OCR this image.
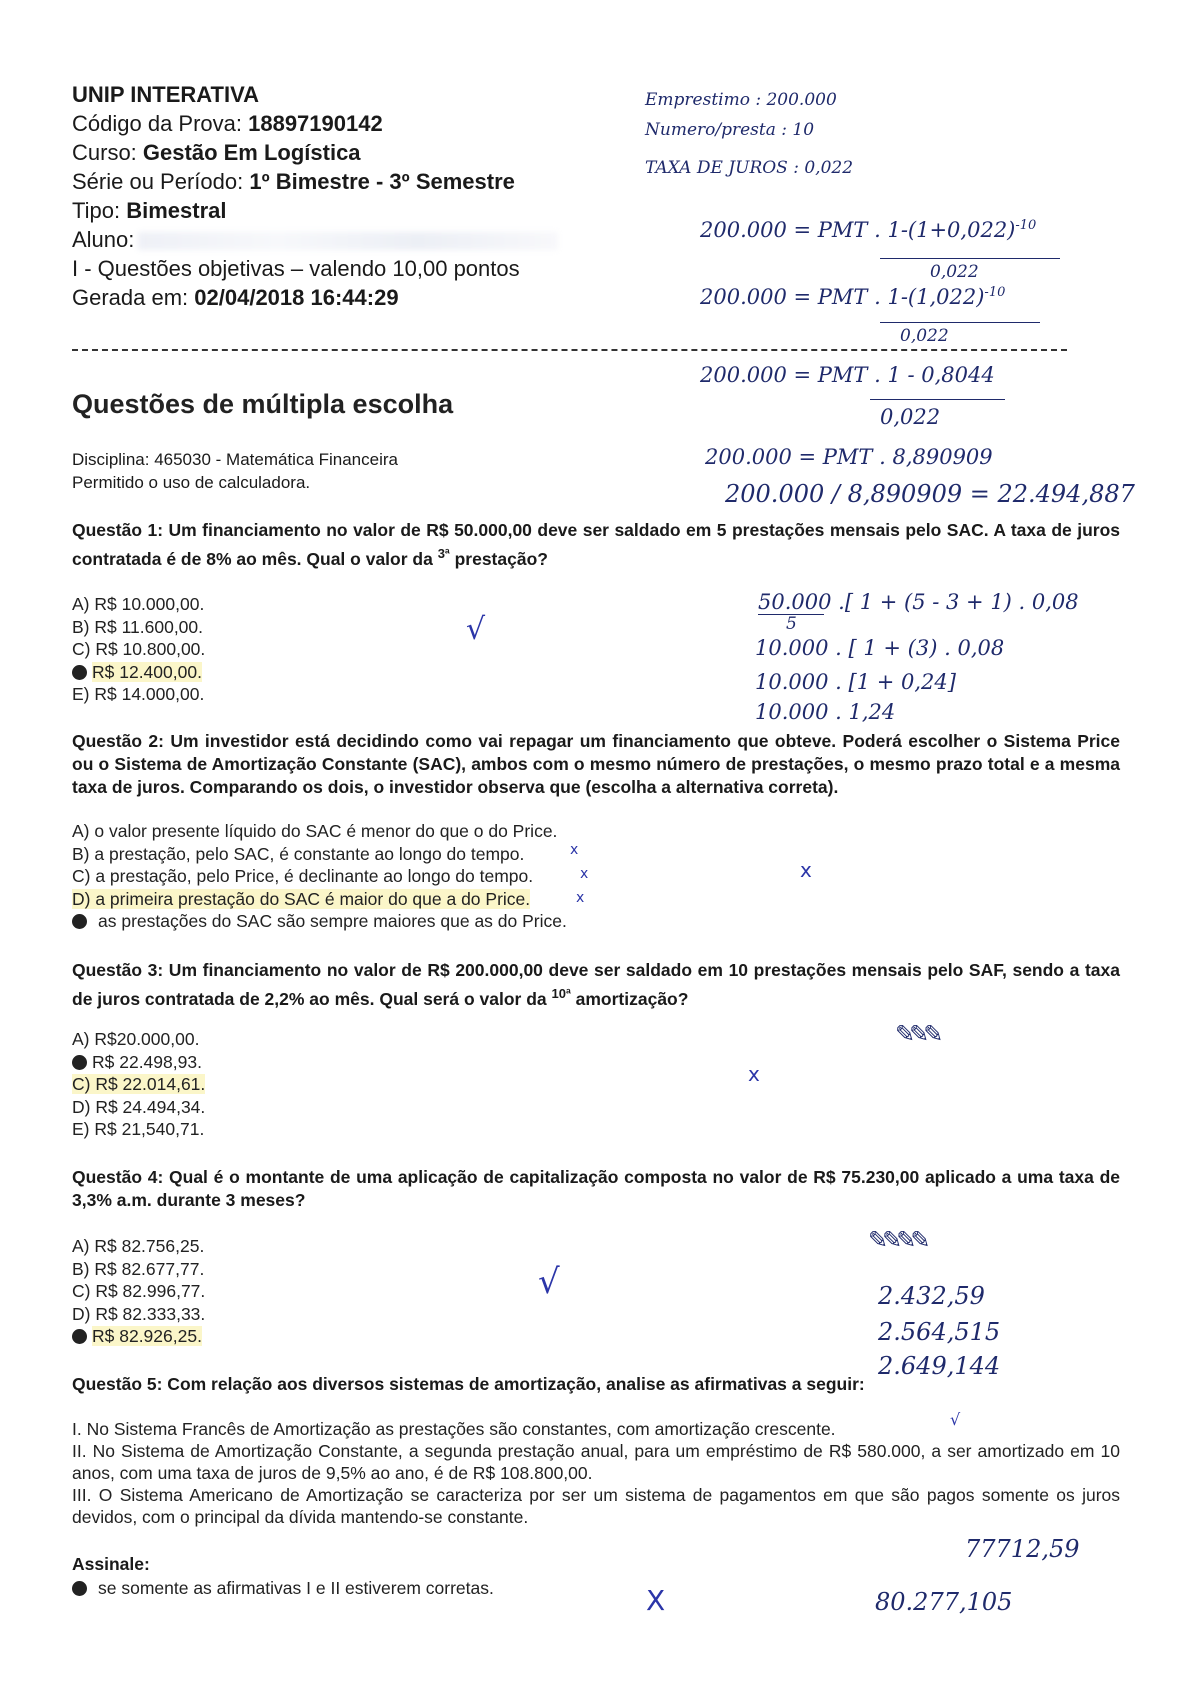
UNIP INTERATIVA
Código da Prova: 18897190142
Curso: Gestão Em Logística
Série ou Período: 1º Bimestre - 3º Semestre
Tipo: Bimestral
Aluno:
I - Questões objetivas – valendo 10,00 pontos
Gerada em: 02/04/2018 16:44:29
Questões de múltipla escolha
Disciplina: 465030 - Matemática Financeira
Permitido o uso de calculadora.
Questão 1: Um financiamento no valor de R$ 50.000,00 deve ser saldado em 5 prestações mensais pelo SAC. A taxa de juros contratada é de 8% ao mês. Qual o valor da $^{3ª}$ prestação?
A) R$ 10.000,00.
B) R$ 11.600,00.
C) R$ 10.800,00.
R$ 12.400,00.
E) R$ 14.000,00.
Questão 2: Um investidor está decidindo como vai repagar um financiamento que obteve. Poderá escolher o Sistema Price ou o Sistema de Amortização Constante (SAC), ambos com o mesmo número de prestações, o mesmo prazo total e a mesma taxa de juros. Comparando os dois, o investidor observa que (escolha a alternativa correta).
A) o valor presente líquido do SAC é menor do que o do Price.
B) a prestação, pelo SAC, é constante ao longo do tempo.
C) a prestação, pelo Price, é declinante ao longo do tempo.
D) a primeira prestação do SAC é maior do que a do Price.
as prestações do SAC são sempre maiores que as do Price.
Questão 3: Um financiamento no valor de R$ 200.000,00 deve ser saldado em 10 prestações mensais pelo SAF, sendo a taxa de juros contratada de 2,2% ao mês. Qual será o valor da $^{10ª}$ amortização?
A) R$20.000,00.
R$ 22.498,93.
C) R$ 22.014,61.
D) R$ 24.494,34.
E) R$ 21,540,71.
Questão 4: Qual é o montante de uma aplicação de capitalização composta no valor de R$ 75.230,00 aplicado a uma taxa de 3,3% a.m. durante 3 meses?
A) R$ 82.756,25.
B) R$ 82.677,77.
C) R$ 82.996,77.
D) R$ 82.333,33.
R$ 82.926,25.
Questão 5: Com relação aos diversos sistemas de amortização, analise as afirmativas a seguir:
I. No Sistema Francês de Amortização as prestações são constantes, com amortização crescente.
II. No Sistema de Amortização Constante, a segunda prestação anual, para um empréstimo de R$ 580.000, a ser amortizado em 10 anos, com uma taxa de juros de 9,5% ao ano, é de R$ 108.800,00.
III. O Sistema Americano de Amortização se caracteriza por ser um sistema de pagamentos em que são pagos somente os juros devidos, com o principal da dívida mantendo-se constante.
Assinale:
se somente as afirmativas I e II estiverem corretas.
Emprestimo : 200.000
Numero/presta : 10
TAXA DE JUROS : 0,022
200.000 = PMT . $1-(1+0,022)^{-10}$
0,022
200.000 = PMT . $1-(1,022)^{-10}$
0,022
200.000 = PMT . 1 - 0,8044
0,022
200.000 = PMT . 8,890909
200.000 / 8,890909 = 22.494,887
50.000 .[ 1 + (5 - 3 + 1) . 0,08
5
10.000 . [ 1 + (3) . 0,08
10.000 . [1 + 0,24]
10.000 . 1,24
2.432,59
2.564,515
2.649,144
77712,59
80.277,105
√
x
x
x
x
✎✎✎
x
✎✎✎✎
√
√
X
